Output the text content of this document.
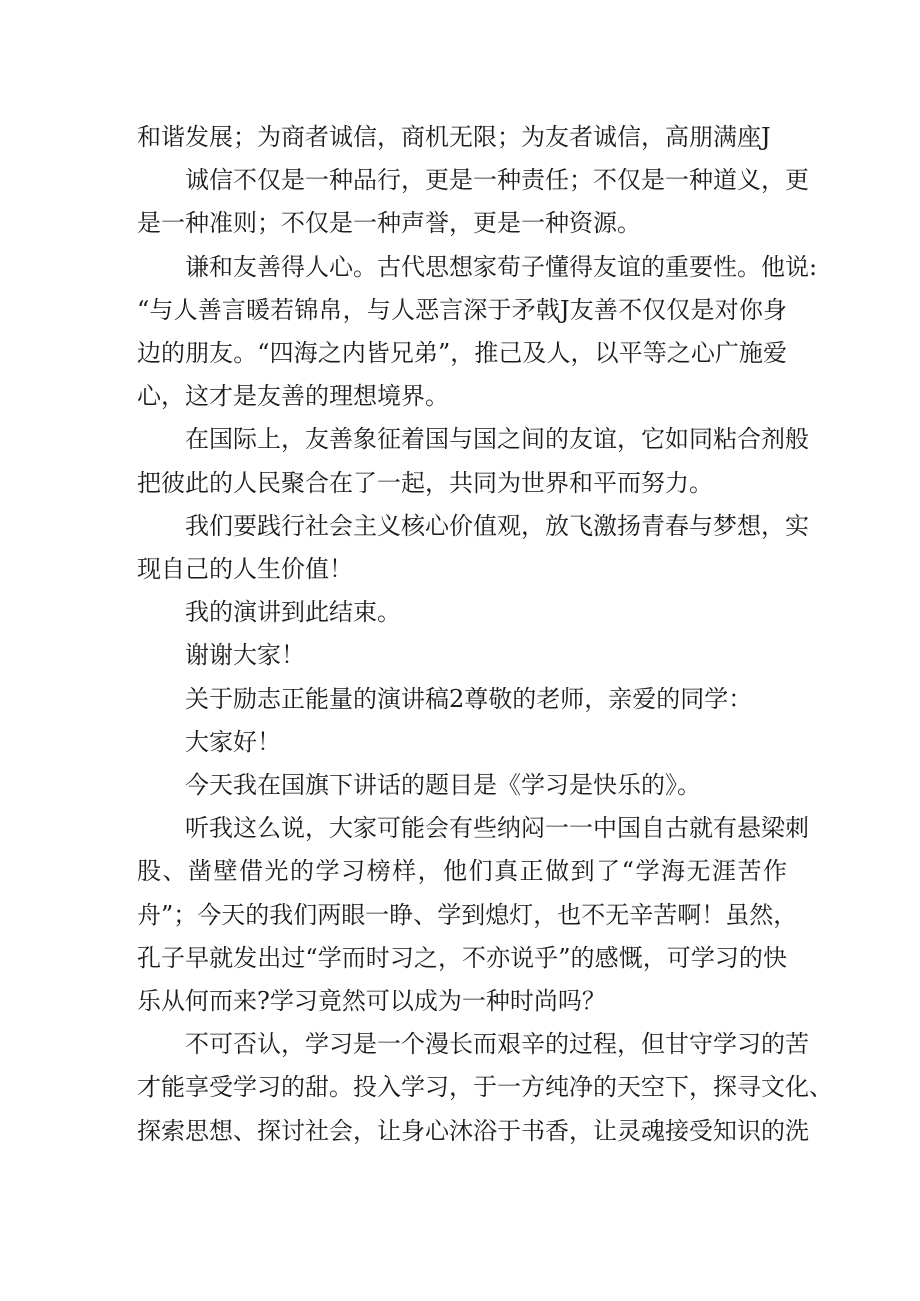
和谐发展；为商者诚信，商机无限；为友者诚信，高朋满座J
诚信不仅是一种品行，更是一种责任；不仅是一种道义，更
是一种准则；不仅是一种声誉，更是一种资源。
谦和友善得人心。古代思想家荀子懂得友谊的重要性。他说:
“与人善言暖若锦帛，与人恶言深于矛戟J友善不仅仅是对你身
边的朋友。“四海之内皆兄弟”，推己及人，以平等之心广施爱
心，这才是友善的理想境界。
在国际上，友善象征着国与国之间的友谊，它如同粘合剂般
把彼此的人民聚合在了一起，共同为世界和平而努力。
我们要践行社会主义核心价值观，放飞激扬青春与梦想，实
现自己的人生价值！
我的演讲到此结束。
谢谢大家！
关于励志正能量的演讲稿2尊敬的老师，亲爱的同学：
大家好！
今天我在国旗下讲话的题目是《学习是快乐的》。
听我这么说，大家可能会有些纳闷一一中国自古就有悬梁刺
股、凿壁借光的学习榜样，他们真正做到了“学海无涯苦作
舟”；今天的我们两眼一睁、学到熄灯，也不无辛苦啊！虽然，
孔子早就发出过“学而时习之，不亦说乎”的感慨，可学习的快
乐从何而来?学习竟然可以成为一种时尚吗？
不可否认，学习是一个漫长而艰辛的过程，但甘守学习的苦
才能享受学习的甜。投入学习，于一方纯净的天空下，探寻文化、
探索思想、探讨社会，让身心沐浴于书香，让灵魂接受知识的洗
